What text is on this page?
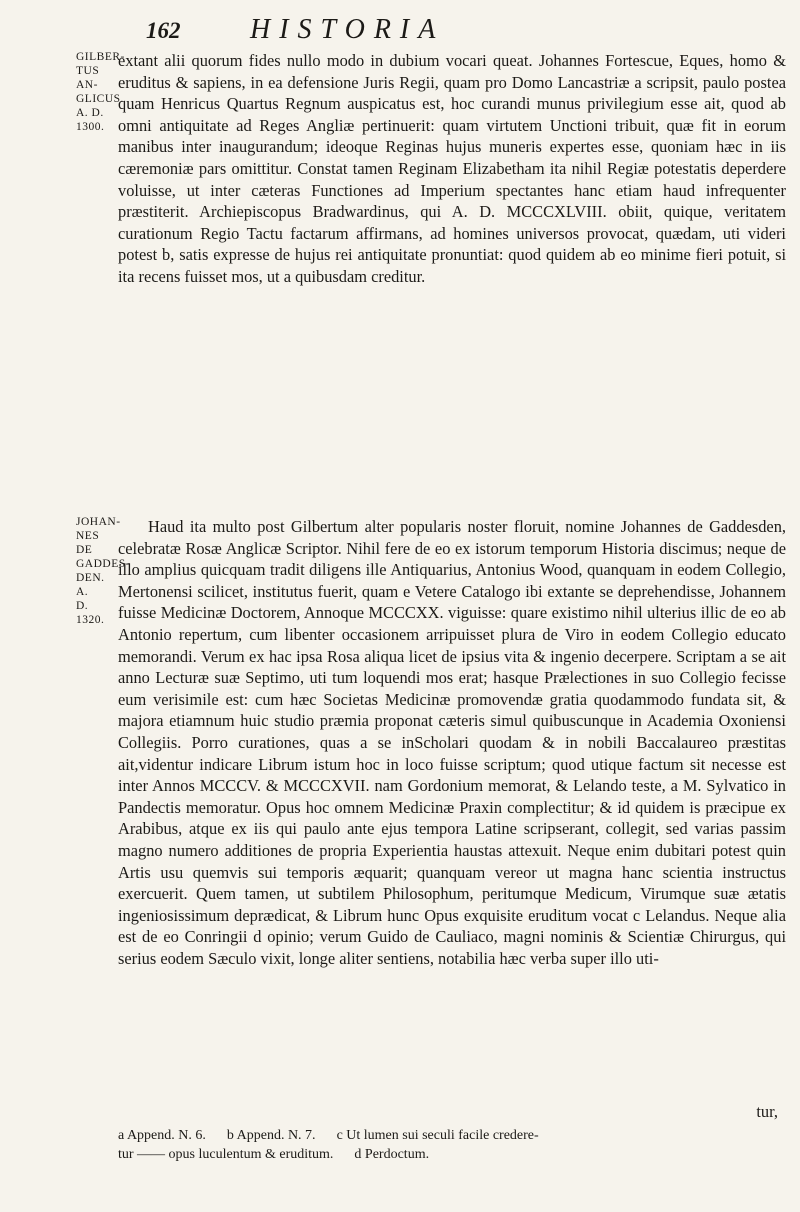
162 HISTORIA
GILBER-
TUS AN-
GLICUS.
A. D.
1300.

extant alii quorum fides nullo modo in dubium vocari queat. Johannes Fortescue, Eques, homo & eruditus & sapiens, in ea defensione Juris Regii, quam pro Domo Lancastriæ a scripsit, paulo postea quam Henricus Quartus Regnum auspicatus est, hoc curandi munus privilegium esse ait, quod ab omni antiquitate ad Reges Angliæ pertinuerit: quam virtutem Unctioni tribuit, quæ fit in eorum manibus inter inaugurandum; ideoque Reginas hujus muneris expertes esse, quoniam hæc in iis cæremoniæ pars omittitur. Constat tamen Reginam Elizabetham ita nihil Regiæ potestatis deperdere voluisse, ut inter cæteras Functiones ad Imperium spectantes hanc etiam haud infrequenter præstiterit. Archiepiscopus Bradwardinus, qui A. D. MCCCXLVIII. obiit, quique, veritatem curationum Regio Tactu factarum affirmans, ad homines universos provocat, quædam, uti videri potest b, satis expresse de hujus rei antiquitate pronuntiat: quod quidem ab eo minime fieri potuit, si ita recens fuisset mos, ut a quibusdam creditur.

JOHAN-
NES DE
GADDES-
DEN. A.
D. 1320.

Haud ita multo post Gilbertum alter popularis noster floruit, nomine Johannes de Gaddesden, celebratæ Rosæ Anglicæ Scriptor. Nihil fere de eo ex istorum temporum Historia discimus; neque de illo amplius quicquam tradit diligens ille Antiquarius, Antonius Wood, quanquam in eodem Collegio, Mertonensi scilicet, institutus fuerit, quam e Vetere Catalogo ibi extante se deprehendisse, Johannem fuisse Medicinæ Doctorem, Annoque MCCCXX. viguisse: quare existimo nihil ulterius illic de eo ab Antonio repertum, cum libenter occasionem arripuisset plura de Viro in eodem Collegio educato memorandi. Verum ex hac ipsa Rosa aliqua licet de ipsius vita & ingenio decerpere. Scriptam a se ait anno Lecturæ suæ Septimo, uti tum loquendi mos erat; hasque Prælectiones in suo Collegio fecisse eum verisimile est: cum hæc Societas Medicinæ promovendæ gratia quodammodo fundata sit, & majora etiamnum huic studio præmia proponat cæteris simul quibuscunque in Academia Oxoniensi Collegiis. Porro curationes, quas a se inScholari quodam & in nobili Baccalaureo præstitas ait,videntur indicare Librum istum hoc in loco fuisse scriptum; quod utique factum sit necesse est inter Annos MCCCV. & MCCCXVII. nam Gordonium memorat, & Lelando teste, a M. Sylvatico in Pandectis memoratur. Opus hoc omnem Medicinæ Praxin complectitur; & id quidem is præcipue ex Arabibus, atque ex iis qui paulo ante ejus tempora Latine scripserant, collegit, sed varias passim magno numero additiones de propria Experientia haustas attexuit. Neque enim dubitari potest quin Artis usu quemvis sui temporis æquarit; quanquam vereor ut magna hanc scientia instructus exercuerit. Quem tamen, ut subtilem Philosophum, peritumque Medicum, Virumque suæ ætatis ingeniosissimum deprædicat, & Librum hunc Opus exquisite eruditum vocat c Lelandus. Neque alia est de eo Conringii d opinio; verum Guido de Cauliaco, magni nominis & Scientiæ Chirurgus, qui serius eodem Sæculo vixit, longe aliter sentiens, notabilia hæc verba super illo uti-

tur,
a Append. N. 6. b Append. N. 7. c Ut lumen sui seculi facile credere-
tur —— opus luculentum & eruditum. d Perdoctum.
